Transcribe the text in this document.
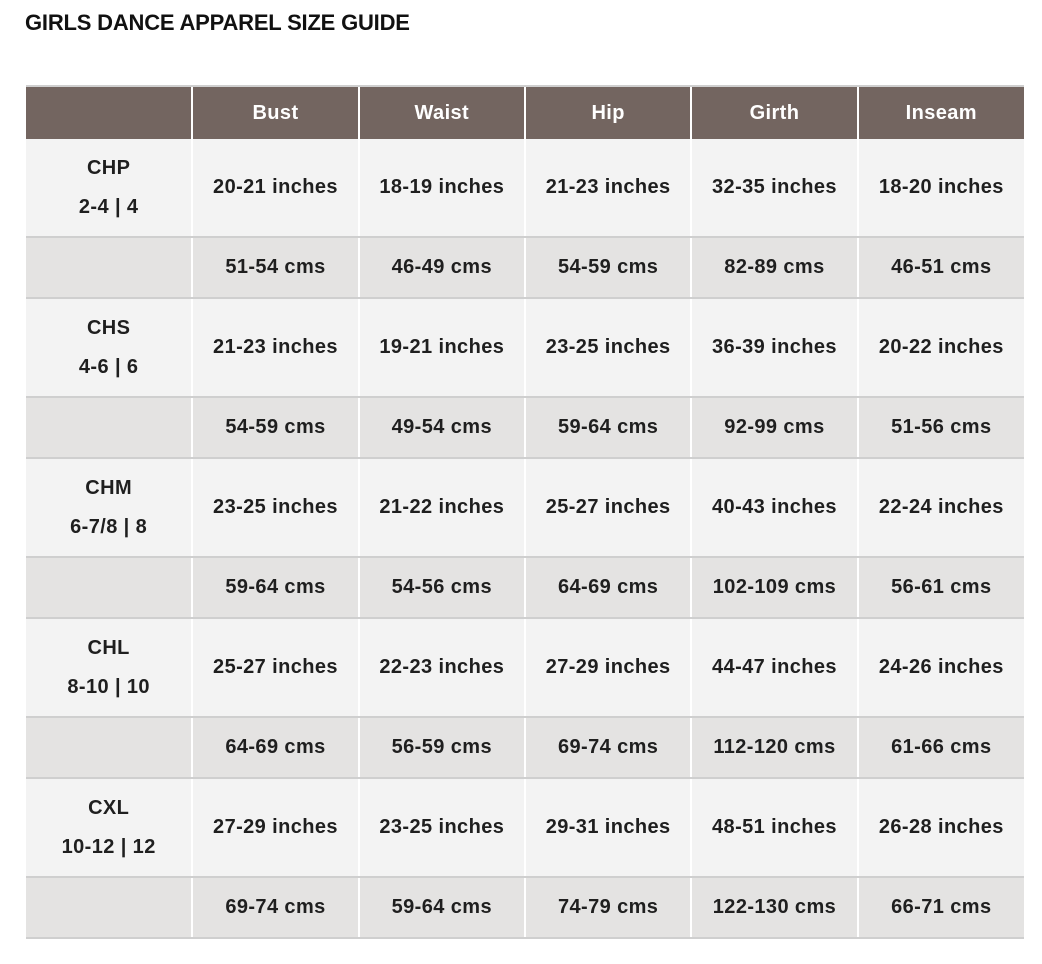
GIRLS DANCE APPAREL SIZE GUIDE
	Bust	Waist	Hip	Girth	Inseam

CHP
2-4 | 4	20-21 inches	18-19 inches	21-23 inches	32-35 inches	18-20 inches
	51-54 cms	46-49 cms	54-59 cms	82-89 cms	46-51 cms

CHS
4-6 | 6	21-23 inches	19-21 inches	23-25 inches	36-39 inches	20-22 inches
	54-59 cms	49-54 cms	59-64 cms	92-99 cms	51-56 cms

CHM
6-7/8 | 8	23-25 inches	21-22 inches	25-27 inches	40-43 inches	22-24 inches
	59-64 cms	54-56 cms	64-69 cms	102-109 cms	56-61 cms

CHL
8-10 | 10	25-27 inches	22-23 inches	27-29 inches	44-47 inches	24-26 inches
	64-69 cms	56-59 cms	69-74 cms	112-120 cms	61-66 cms

CXL
10-12 | 12	27-29 inches	23-25 inches	29-31 inches	48-51 inches	26-28 inches
	69-74 cms	59-64 cms	74-79 cms	122-130 cms	66-71 cms
